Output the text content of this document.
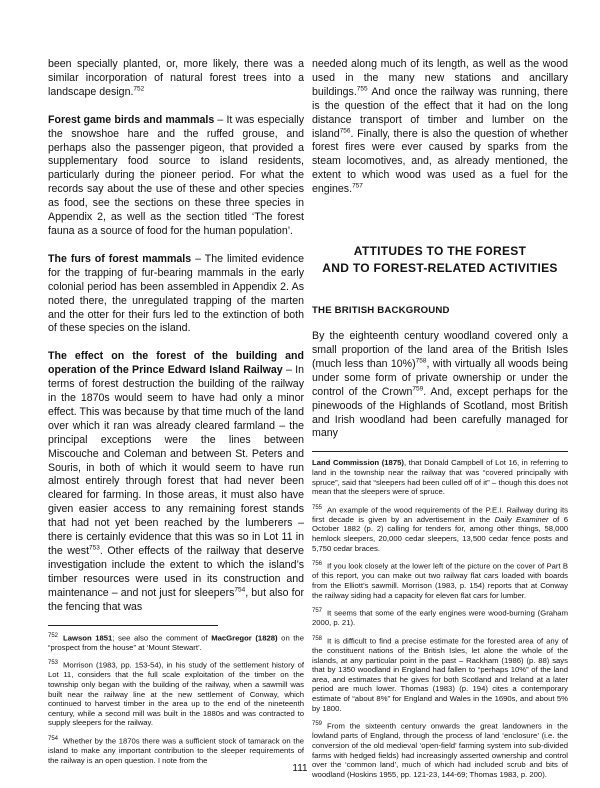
been specially planted, or, more likely, there was a similar incorporation of natural forest trees into a landscape design.$^{752}$

Forest game birds and mammals – It was especially the snowshoe hare and the ruffed grouse, and perhaps also the passenger pigeon, that provided a supplementary food source to island residents, particularly during the pioneer period. For what the records say about the use of these and other species as food, see the sections on these three species in Appendix 2, as well as the section titled ‘The forest fauna as a source of food for the human population’.

The furs of forest mammals – The limited evidence for the trapping of fur-bearing mammals in the early colonial period has been assembled in Appendix 2. As noted there, the unregulated trapping of the marten and the otter for their furs led to the extinction of both of these species on the island.

The effect on the forest of the building and operation of the Prince Edward Island Railway – In terms of forest destruction the building of the railway in the 1870s would seem to have had only a minor effect. This was because by that time much of the land over which it ran was already cleared farmland – the principal exceptions were the lines between Miscouche and Coleman and between St. Peters and Souris, in both of which it would seem to have run almost entirely through forest that had never been cleared for farming. In those areas, it must also have given easier access to any remaining forest stands that had not yet been reached by the lumberers – there is certainly evidence that this was so in Lot 11 in the west$^{753}$. Other effects of the railway that deserve investigation include the extent to which the island’s timber resources were used in its construction and maintenance – and not just for sleepers$^{754}$, but also for the fencing that was

$^{752}$ Lawson 1851; see also the comment of MacGregor (1828) on the “prospect from the house” at ‘Mount Stewart’.

$^{753}$ Morrison (1983, pp. 153-54), in his study of the settlement history of Lot 11, considers that the full scale exploitation of the timber on the township only began with the building of the railway, when a sawmill was built near the railway line at the new settlement of Conway, which continued to harvest timber in the area up to the end of the nineteenth century, while a second mill was built in the 1880s and was contracted to supply sleepers for the railway.

$^{754}$ Whether by the 1870s there was a sufficient stock of tamarack on the island to make any important contribution to the sleeper requirements of the railway is an open question. I note from the

needed along much of its length, as well as the wood used in the many new stations and ancillary buildings.$^{755}$ And once the railway was running, there is the question of the effect that it had on the long distance transport of timber and lumber on the island$^{756}$. Finally, there is also the question of whether forest fires were ever caused by sparks from the steam locomotives, and, as already mentioned, the extent to which wood was used as a fuel for the engines.$^{757}$

ATTITUDES TO THE FOREST

AND TO FOREST-RELATED ACTIVITIES

THE BRITISH BACKGROUND

By the eighteenth century woodland covered only a small proportion of the land area of the British Isles (much less than 10%)$^{758}$, with virtually all woods being under some form of private ownership or under the control of the Crown$^{759}$. And, except perhaps for the pinewoods of the Highlands of Scotland, most British and Irish woodland had been carefully managed for many

Land Commission (1875), that Donald Campbell of Lot 16, in referring to land in the township near the railway that was “covered principally with spruce”, said that “sleepers had been culled off of it” – though this does not mean that the sleepers were of spruce.

$^{755}$ An example of the wood requirements of the P.E.I. Railway during its first decade is given by an advertisement in the Daily Examiner of 6 October 1882 (p. 2) calling for tenders for, among other things, 58,000 hemlock sleepers, 20,000 cedar sleepers, 13,500 cedar fence posts and 5,750 cedar braces.

$^{756}$ If you look closely at the lower left of the picture on the cover of Part B of this report, you can make out two railway flat cars loaded with boards from the Elliott’s sawmill. Morrison (1983, p. 154) reports that at Conway the railway siding had a capacity for eleven flat cars for lumber.

$^{757}$ It seems that some of the early engines were wood-burning (Graham 2000, p. 21).

$^{758}$ It is difficult to find a precise estimate for the forested area of any of the constituent nations of the British Isles, let alone the whole of the islands, at any particular point in the past – Rackham (1986) (p. 88) says that by 1350 woodland in England had fallen to “perhaps 10%” of the land area, and estimates that he gives for both Scotland and Ireland at a later period are much lower. Thomas (1983) (p. 194) cites a contemporary estimate of “about 8%” for England and Wales in the 1690s, and about 5% by 1800.

$^{759}$ From the sixteenth century onwards the great landowners in the lowland parts of England, through the process of land ‘enclosure’ (i.e. the conversion of the old medieval ‘open-field’ farming system into sub-divided farms with hedged fields) had increasingly asserted ownership and control over the ‘common land’, much of which had included scrub and bits of woodland (Hoskins 1955, pp. 121-23, 144-69; Thomas 1983, p. 200).

111
